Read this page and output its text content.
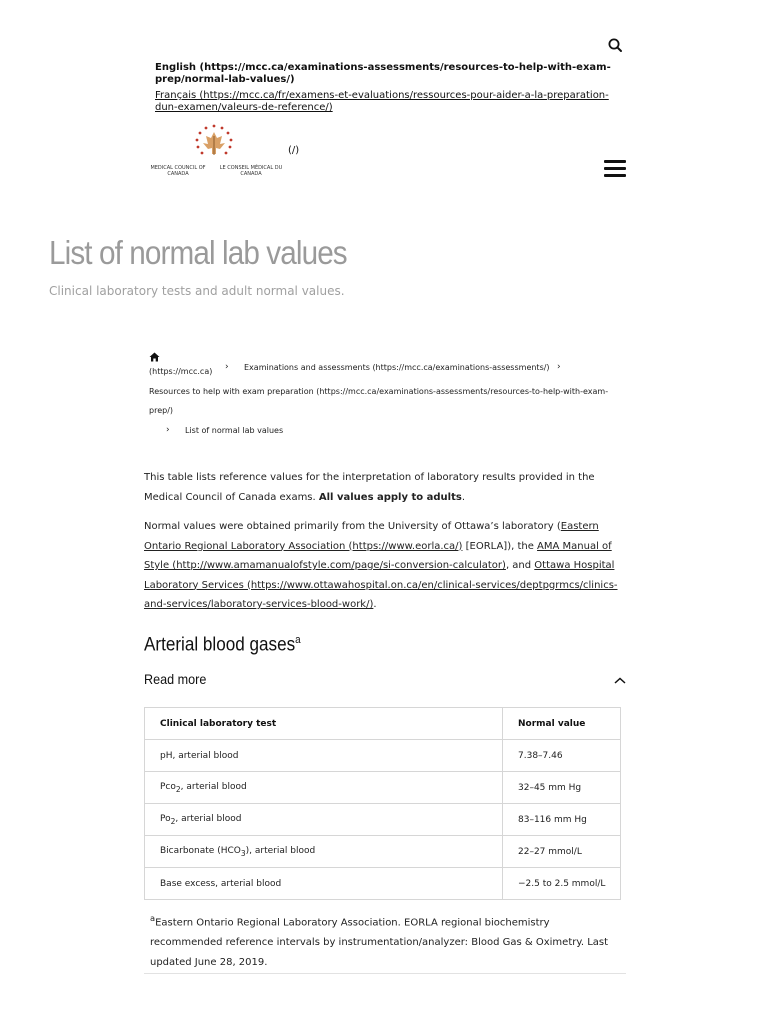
English (https://mcc.ca/examinations-assessments/resources-to-help-with-exam-prep/normal-lab-values/)
Français (https://mcc.ca/fr/examens-et-evaluations/ressources-pour-aider-a-la-preparation-dun-examen/valeurs-de-reference/)
MEDICAL COUNCIL OF CANADA
LE CONSEIL MÉDICAL DU CANADA
(/)
List of normal lab values
Clinical laboratory tests and adult normal values.
(https://mcc.ca) › Examinations and assessments (https://mcc.ca/examinations-assessments/) ›
Resources to help with exam preparation (https://mcc.ca/examinations-assessments/resources-to-help-with-exam-
prep/)
› List of normal lab values

This table lists reference values for the interpretation of laboratory results provided in the Medical Council of Canada exams. All values apply to adults.

Normal values were obtained primarily from the University of Ottawa’s laboratory (Eastern Ontario Regional Laboratory Association (https://www.eorla.ca/) [EORLA]), the AMA Manual of Style (http://www.amamanualofstyle.com/page/si-conversion-calculator), and Ottawa Hospital Laboratory Services (https://www.ottawahospital.on.ca/en/clinical-services/deptpgrmcs/clinics-and-services/laboratory-services-blood-work/).

Arterial blood gases$^a$
Read more
Clinical laboratory test	Normal value
pH, arterial blood	7.38–7.46
Pco$_2$, arterial blood	32–45 mm Hg
$Po_2$, arterial blood	83–116 mm Hg
Bicarbonate $(HCO_3)$, arterial blood	22–27 mmol/L
Base excess, arterial blood	−2.5 to 2.5 mmol/L

$^a$Eastern Ontario Regional Laboratory Association. EORLA regional biochemistry recommended reference intervals by instrumentation/analyzer: Blood Gas & Oximetry. Last updated June 28, 2019.
